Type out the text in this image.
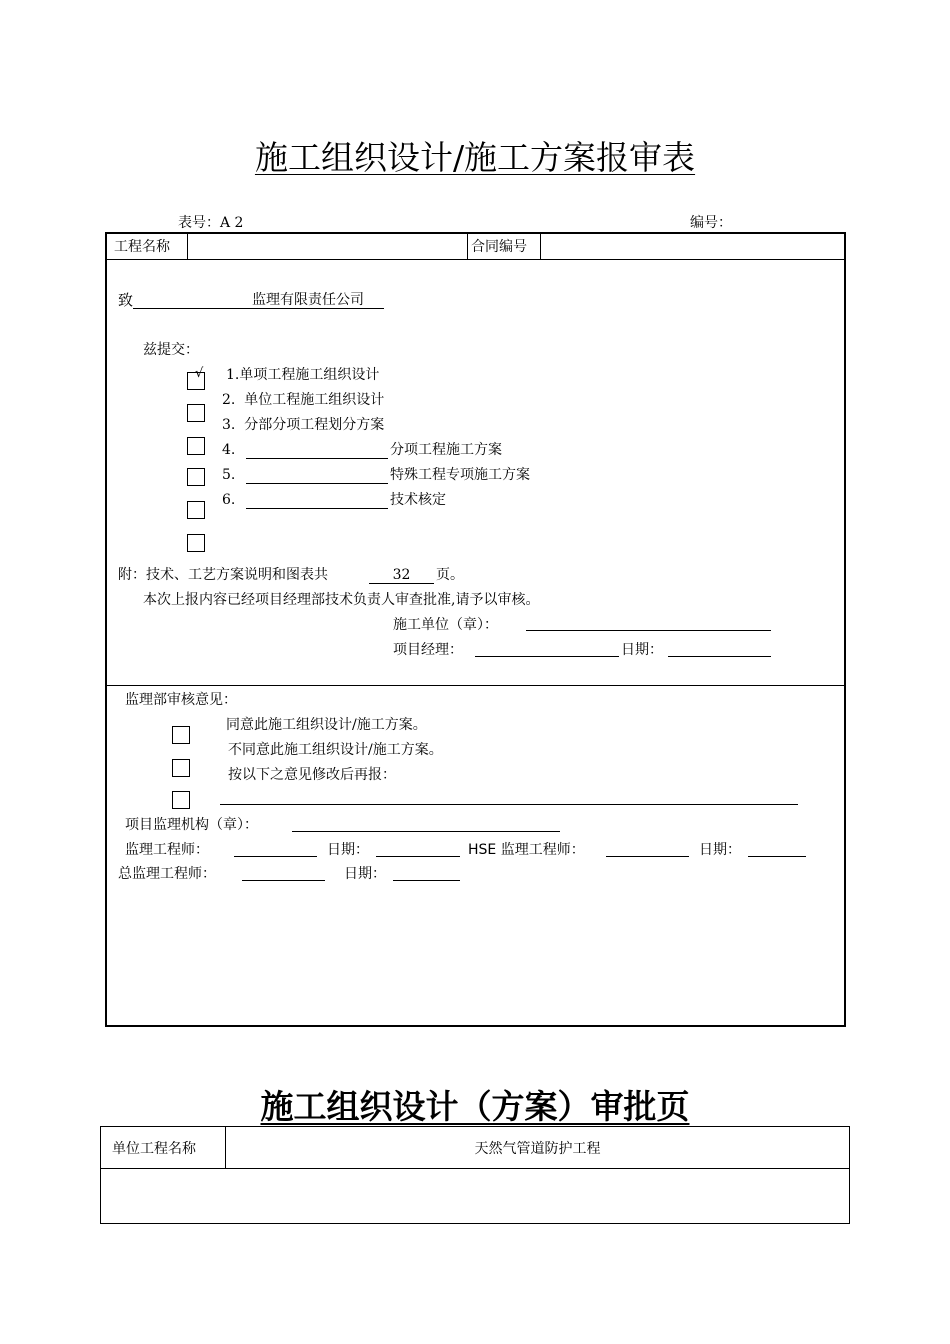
施工组织设计/施工方案报审表
表号：A 2	编号：
工程名称	合同编号
致	监理有限责任公司
兹提交：
√ 1.单项工程施工组织设计
2. 单位工程施工组织设计
3. 分部分项工程划分方案
4.	分项工程施工方案
5.	特殊工程专项施工方案
6.	技术核定
附：技术、工艺方案说明和图表共	32	页。
本次上报内容已经项目经理部技术负责人审查批准,请予以审核。
施工单位（章）：
项目经理：	日期：
监理部审核意见：
同意此施工组织设计/施工方案。
不同意此施工组织设计/施工方案。
按以下之意见修改后再报：
项目监理机构（章）：
监理工程师：	日期：	HSE 监理工程师：	日期：
总监理工程师：	日期：
施工组织设计（方案）审批页
单位工程名称	天然气管道防护工程
